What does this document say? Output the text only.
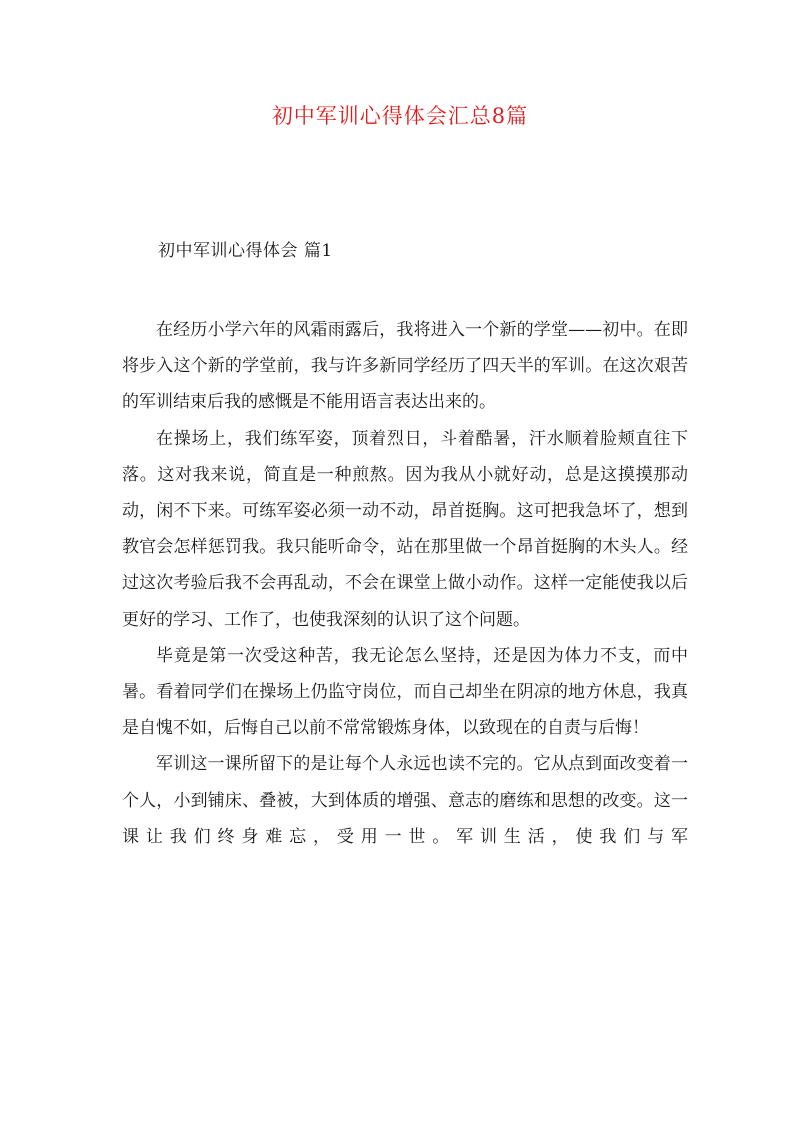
初中军训心得体会汇总8篇
初中军训心得体会 篇1

在经历小学六年的风霜雨露后，我将进入一个新的学堂——初中。在即将步入这个新的学堂前，我与许多新同学经历了四天半的军训。在这次艰苦的军训结束后我的感慨是不能用语言表达出来的。

在操场上，我们练军姿，顶着烈日，斗着酷暑，汗水顺着脸颊直往下落。这对我来说，简直是一种煎熬。因为我从小就好动，总是这摸摸那动动，闲不下来。可练军姿必须一动不动，昂首挺胸。这可把我急坏了，想到教官会怎样惩罚我。我只能听命令，站在那里做一个昂首挺胸的木头人。经过这次考验后我不会再乱动，不会在课堂上做小动作。这样一定能使我以后更好的学习、工作了，也使我深刻的认识了这个问题。

毕竟是第一次受这种苦，我无论怎么坚持，还是因为体力不支，而中暑。看着同学们在操场上仍监守岗位，而自己却坐在阴凉的地方休息，我真是自愧不如，后悔自己以前不常常锻炼身体，以致现在的自责与后悔！

军训这一课所留下的是让每个人永远也读不完的。它从点到面改变着一个人，小到铺床、叠被，大到体质的增强、意志的磨练和思想的改变。这一课让我们终身难忘，受用一世。军训生活，使我们与军
